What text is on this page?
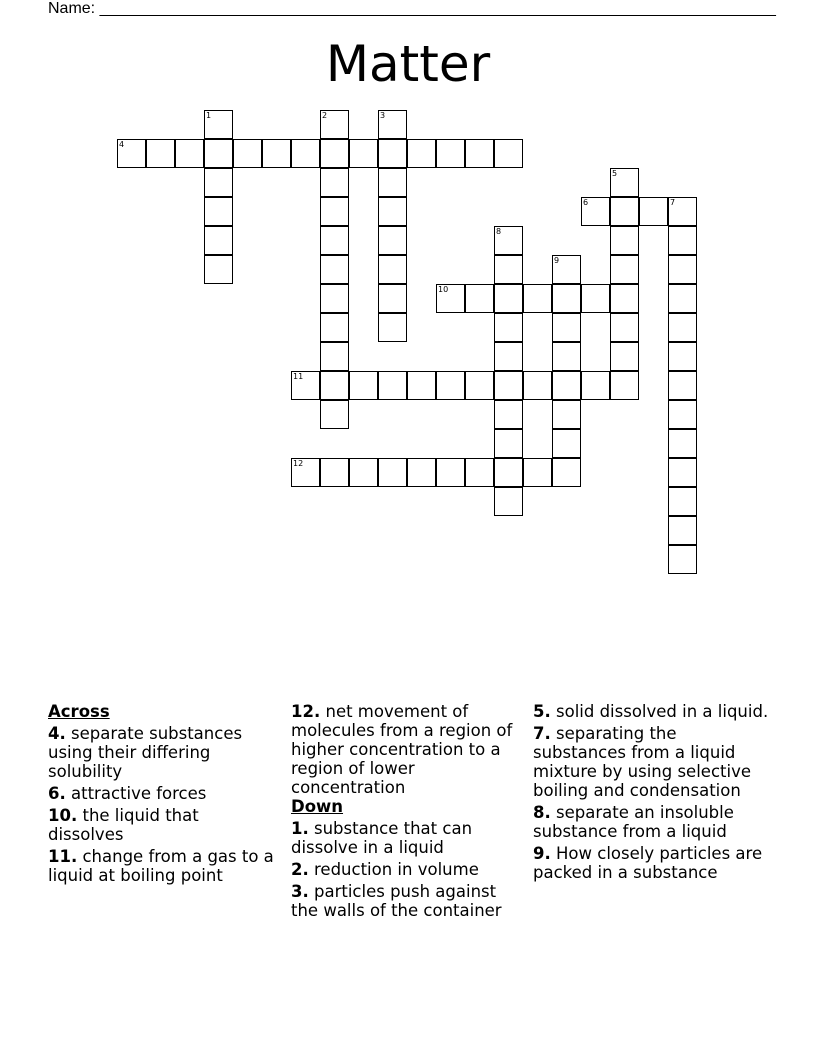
Name: ____________________________________________________________________________
Matter
4
6	7
10
11
12
1	2	3
5
8
9
Across
4. separate substances using their differing solubility
6. attractive forces
10. the liquid that dissolves
11. change from a gas to a liquid at boiling point
12. net movement of molecules from a region of higher concentration to a region of lower concentration
Down
1. substance that can dissolve in a liquid
2. reduction in volume
3. particles push against the walls of the container
5. solid dissolved in a liquid.
7. separating the substances from a liquid mixture by using selective boiling and condensation
8. separate an insoluble substance from a liquid
9. How closely particles are packed in a substance
